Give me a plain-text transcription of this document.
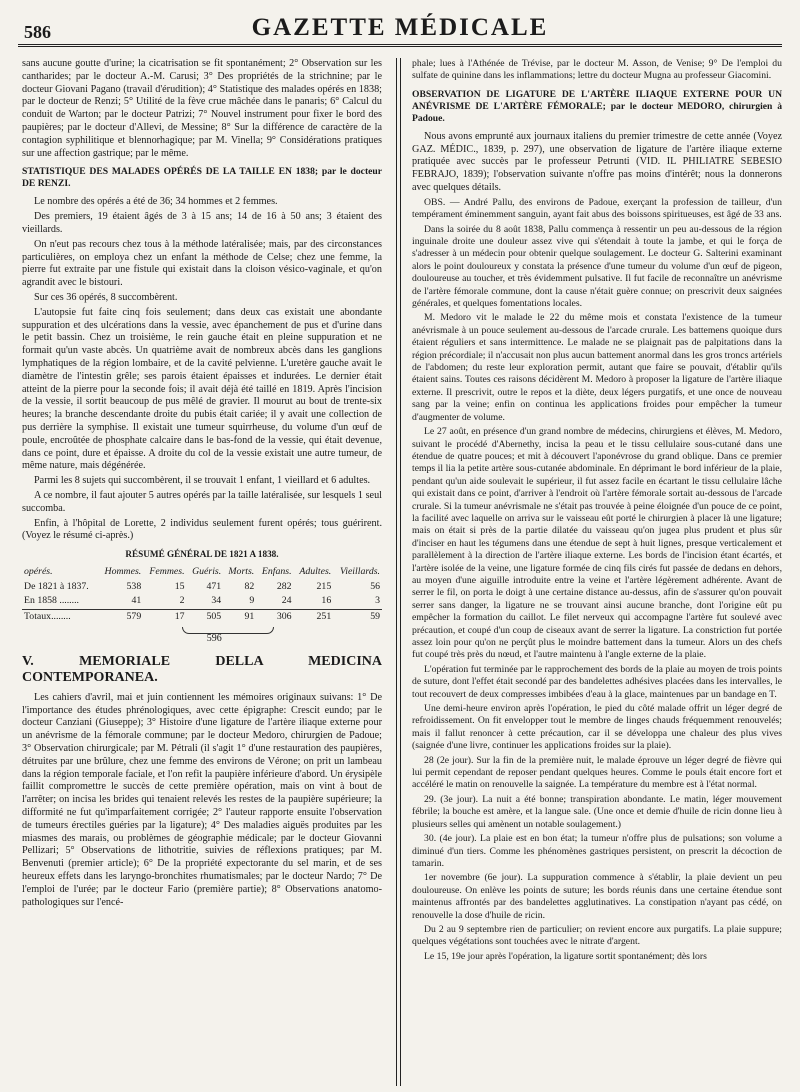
586	GAZETTE MÉDICALE

sans aucune goutte d'urine; la cicatrisation se fit spontanément; 2° Observation sur les cantharides; par le docteur A.-M. Carusi; 3° Des propriétés de la strichnine; par le docteur Giovani Pagano (travail d'érudition); 4° Statistique des malades opérés en 1838; par le docteur de Renzi; 5° Utilité de la fève crue mâchée dans le panaris; 6° Calcul du conduit de Warton; par le docteur Patrizi; 7° Nouvel instrument pour fixer le bord des paupières; par le docteur d'Allevi, de Messine; 8° Sur la différence de caractère de la contagion syphilitique et blennorhagique; par M. Vinella; 9° Considérations pratiques sur une affection gastrique; par le même.

STATISTIQUE DES MALADES OPÉRÉS DE LA TAILLE EN 1838; par le docteur DE RENZI.

Le nombre des opérés a été de 36; 34 hommes et 2 femmes.

Des premiers, 19 étaient âgés de 3 à 15 ans; 14 de 16 à 50 ans; 3 étaient des vieillards.

On n'eut pas recours chez tous à la méthode latéralisée; mais, par des circonstances particulières, on employa chez un enfant la méthode de Celse; chez une femme, la pierre fut extraite par une fistule qui existait dans la cloison vésico-vaginale, et qu'on agrandit avec le bistouri.

Sur ces 36 opérés, 8 succombèrent.

L'autopsie fut faite cinq fois seulement; dans deux cas existait une abondante suppuration et des ulcérations dans la vessie, avec épanchement de pus et d'urine dans le petit bassin. Chez un troisième, le rein gauche était en pleine suppuration et ne formait qu'un vaste abcès. Un quatrième avait de nombreux abcès dans les ganglions lymphatiques de la région lombaire, et de la cavité pelvienne. L'uretère gauche avait le diamètre de l'intestin grêle; ses parois étaient épaisses et indurées. Le dernier était atteint de la pierre pour la seconde fois; il avait déjà été taillé en 1819. Après l'incision de la vessie, il sortit beaucoup de pus mêlé de gravier. Il mourut au bout de trente-six heures; la branche descendante droite du pubis était cariée; il y avait une collection de pus derrière la symphise. Il existait une tumeur squirrheuse, du volume d'un œuf de poule, encroûtée de phosphate calcaire dans le bas-fond de la vessie, qui était devenue, dans ce point, dure et épaisse. A droite du col de la vessie existait une autre tumeur, de même nature, mais dégénérée.

Parmi les 8 sujets qui succombèrent, il se trouvait 1 enfant, 1 vieillard et 6 adultes.

A ce nombre, il faut ajouter 5 autres opérés par la taille latéralisée, sur lesquels 1 seul succomba.

Enfin, à l'hôpital de Lorette, 2 individus seulement furent opérés; tous guérirent. (Voyez le résumé ci-après.)

RÉSUMÉ GÉNÉRAL DE 1821 A 1838.
opérés.	Hommes.	Femmes.	Guéris.	Morts.	Enfans.	Adultes.	Vieillards.
De 1821 à 1837.	538	15	471	82	282	215	56
En 1858 ........	41	2	34	9	24	16	3
Totaux........	579	17	505	91	306	251	59
596
V. MEMORIALE DELLA MEDICINA CONTEMPORANEA.

Les cahiers d'avril, mai et juin contiennent les mémoires originaux suivans: 1° De l'importance des études phrénologiques, avec cette épigraphe: Crescit eundo; par le docteur Canziani (Giuseppe); 3° Histoire d'une ligature de l'artère iliaque externe pour un anévrisme de la fémorale commune; par le docteur Medoro, chirurgien de Padoue; 3° Observation chirurgicale; par M. Pétrali (il s'agit 1° d'une restauration des paupières, détruites par une brûlure, chez une femme des environs de Vérone; on prit un lambeau dans la région temporale faciale, et l'on refit la paupière inférieure d'abord. Un érysipèle faillit compromettre le succès de cette première opération, mais on vint à bout de l'arrêter; on incisa les brides qui tenaient relevés les restes de la paupière supérieure; la difformité ne fut qu'imparfaitement corrigée; 2° l'auteur rapporte ensuite l'observation de tumeurs érectiles guéries par la ligature); 4° Des maladies aiguës produites par les miasmes des marais, ou problèmes de géographie médicale; par le docteur Giovanni Pellizari; 5° Observations de lithotritie, suivies de réflexions pratiques; par M. Benvenuti (premier article); 6° De la propriété expectorante du sel marin, et de ses heureux effets dans les laryngo-bronchites rhumatismales; par le docteur Nardo; 7° De l'emploi de l'urée; par le docteur Fario (première partie); 8° Observations anatomo-pathologiques sur l'encé-

phale; lues à l'Athénée de Trévise, par le docteur M. Asson, de Venise; 9° De l'emploi du sulfate de quinine dans les inflammations; lettre du docteur Mugna au professeur Giacomini.

OBSERVATION DE LIGATURE DE L'ARTÈRE ILIAQUE EXTERNE POUR UN ANÉVRISME DE L'ARTÈRE FÉMORALE; par le docteur MEDORO, chirurgien à Padoue.

Nous avons emprunté aux journaux italiens du premier trimestre de cette année (Voyez GAZ. MÉDIC., 1839, p. 297), une observation de ligature de l'artère iliaque externe pratiquée avec succès par le professeur Petrunti (VID. IL PHILIATRE SEBESIO FEBRAJO, 1839); l'observation suivante n'offre pas moins d'intérêt; nous la donnerons avec quelques détails.

OBS. — André Pallu, des environs de Padoue, exerçant la profession de tailleur, d'un tempérament éminemment sanguin, ayant fait abus des boissons spiritueuses, est âgé de 33 ans.

Dans la soirée du 8 août 1838, Pallu commença à ressentir un peu au-dessous de la région inguinale droite une douleur assez vive qui s'étendait à toute la jambe, et qui le força de s'adresser à un médecin pour obtenir quelque soulagement. Le docteur G. Salterini examinant alors le point douloureux y constata la présence d'une tumeur du volume d'un œuf de pigeon, douloureuse au toucher, et très évidemment pulsative. Il fut facile de reconnaître un anévrisme de l'artère fémorale commune, dont la cause n'était guère connue; on prescrivit deux saignées générales, et quelques fomentations locales.

M. Medoro vit le malade le 22 du même mois et constata l'existence de la tumeur anévrismale à un pouce seulement au-dessous de l'arcade crurale. Les battemens quoique durs étaient réguliers et sans intermittence. Le malade ne se plaignait pas de palpitations dans la région précordiale; il n'accusait non plus aucun battement anormal dans les gros troncs artériels de l'abdomen; du reste leur exploration permit, autant que faire se pouvait, d'établir qu'ils étaient sains. Toutes ces raisons décidèrent M. Medoro à proposer la ligature de l'artère iliaque externe. Il prescrivit, outre le repos et la diète, deux légers purgatifs, et une once de nouveau sang par la veine; enfin on continua les applications froides pour empêcher la tumeur d'augmenter de volume.

Le 27 août, en présence d'un grand nombre de médecins, chirurgiens et élèves, M. Medoro, suivant le procédé d'Abernethy, incisa la peau et le tissu cellulaire sous-cutané dans une étendue de quatre pouces; et mit à découvert l'aponévrose du grand oblique. Dans ce premier temps il lia la petite artère sous-cutanée abdominale. En déprimant le bord inférieur de la plaie, pendant qu'un aide soulevait le supérieur, il fut assez facile en écartant le tissu cellulaire lâche qui existait dans ce point, d'arriver à l'endroit où l'artère fémorale sortait au-dessous de l'arcade crurale. Si la tumeur anévrismale ne s'était pas trouvée à peine éloignée d'un pouce de ce point, la facilité avec laquelle on arriva sur le vaisseau eût porté le chirurgien à placer là une ligature; mais on était si près de la partie dilatée du vaisseau qu'on jugea plus prudent et plus sûr d'inciser en haut les tégumens dans une étendue de sept à huit lignes, presque verticalement et parallèlement à la direction de l'artère iliaque externe. Les bords de l'incision étant écartés, et l'artère isolée de la veine, une ligature formée de cinq fils cirés fut passée de dedans en dehors, au moyen d'une aiguille introduite entre la veine et l'artère légèrement adhérente. Avant de serrer le fil, on porta le doigt à une certaine distance au-dessus, afin de s'assurer qu'on pouvait serrer sans danger, la ligature ne se trouvant ainsi aucune branche, dont l'origine eût pu empêcher la formation du caillot. Le filet nerveux qui accompagne l'artère fut soulevé avec précaution, et coupé d'un coup de ciseaux avant de serrer la ligature. La constriction fut portée assez loin pour qu'on ne perçût plus le moindre battement dans la tumeur. Alors un des chefs fut coupé très près du nœud, et l'autre maintenu à l'angle externe de la plaie.

L'opération fut terminée par le rapprochement des bords de la plaie au moyen de trois points de suture, dont l'effet était secondé par des bandelettes adhésives placées dans les intervalles, le tout recouvert de deux compresses imbibées d'eau à la glace, maintenues par un bandage en T.

Une demi-heure environ après l'opération, le pied du côté malade offrit un léger degré de refroidissement. On fit envelopper tout le membre de linges chauds fréquemment renouvelés; mais il fallut renoncer à cette précaution, car il se développa une chaleur des plus vives (saignée d'une livre, continuer les applications froides sur la plaie).

28 (2e jour). Sur la fin de la première nuit, le malade éprouve un léger degré de fièvre qui lui permit cependant de reposer pendant quelques heures. Comme le pouls était encore fort et accéléré le matin on renouvelle la saignée. La température du membre est à l'état normal.

29. (3e jour). La nuit a été bonne; transpiration abondante. Le matin, léger mouvement fébrile; la bouche est amère, et la langue sale. (Une once et demie d'huile de ricin donne lieu à plusieurs selles qui amènent un notable soulagement.)

30. (4e jour). La plaie est en bon état; la tumeur n'offre plus de pulsations; son volume a diminué d'un tiers. Comme les phénomènes gastriques persistent, on prescrit la décoction de tamarin.

1er novembre (6e jour). La suppuration commence à s'établir, la plaie devient un peu douloureuse. On enlève les points de suture; les bords réunis dans une certaine étendue sont maintenus affrontés par des bandelettes agglutinatives. La constipation n'ayant pas cédé, on renouvelle la dose d'huile de ricin.

Du 2 au 9 septembre rien de particulier; on revient encore aux purgatifs. La plaie suppure; quelques végétations sont touchées avec le nitrate d'argent.

Le 15, 19e jour après l'opération, la ligature sortit spontanément; dès lors
